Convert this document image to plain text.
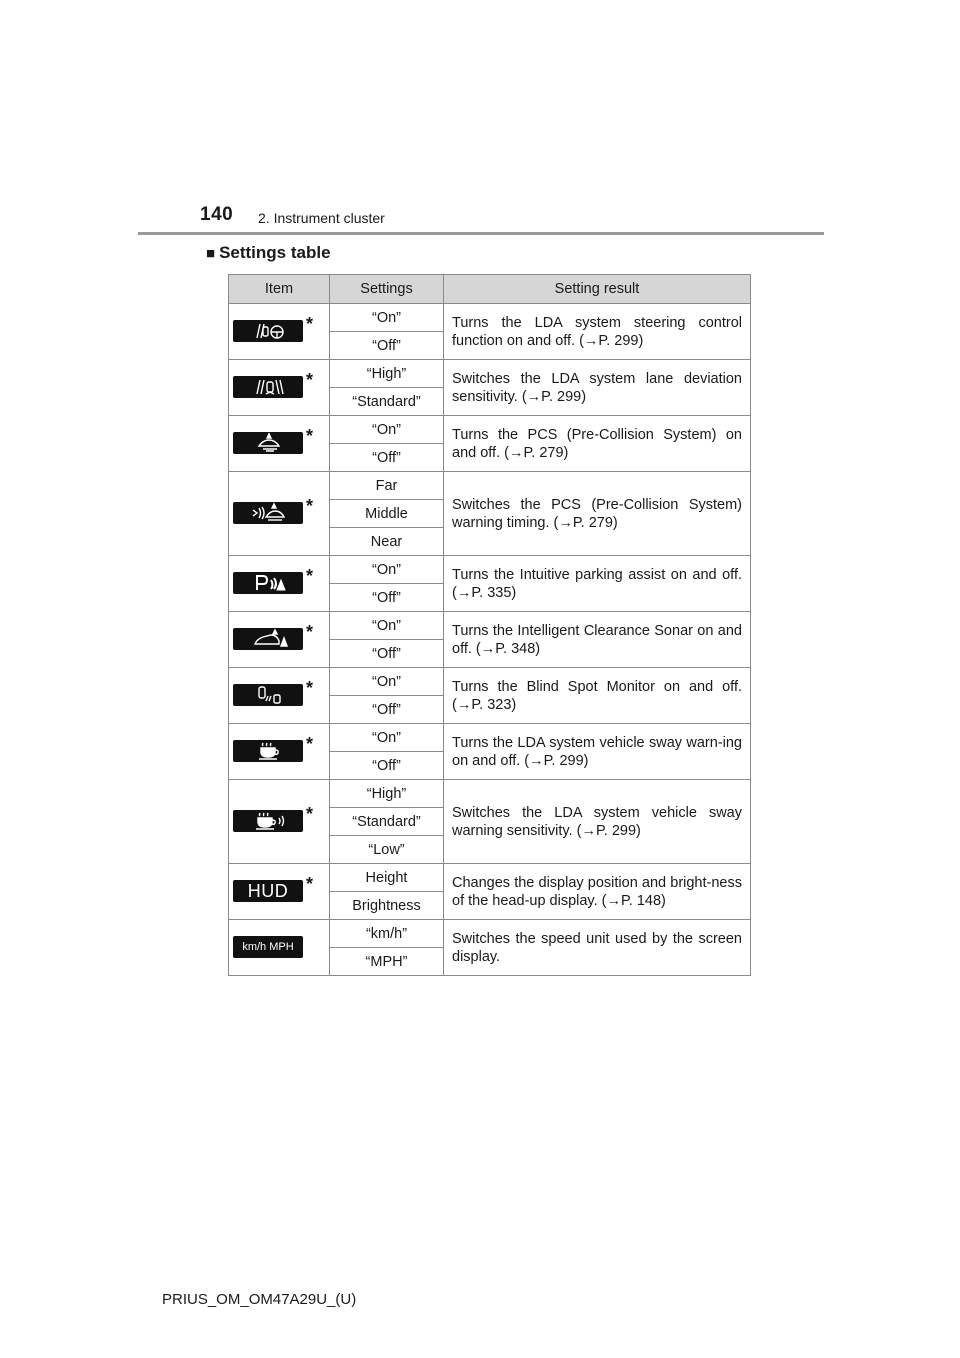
140 2. Instrument cluster
■ Settings table
Item	Settings	Setting result

*	“On”	Turns the LDA system steering control function on and off. (→P. 299)
	“Off”	

*	“High”	Switches the LDA system lane deviation sensitivity. (→P. 299)
	“Standard”	

*	“On”	Turns the PCS (Pre-Collision System) on and off. (→P. 279)
	“Off”	

*	Far	Switches the PCS (Pre-Collision System) warning timing. (→P. 279)
	Middle	
	Near	

*	“On”	Turns the Intuitive parking assist on and off. (→P. 335)
	“Off”	

*	“On”	Turns the Intelligent Clearance Sonar on and off. (→P. 348)
	“Off”	

*	“On”	Turns the Blind Spot Monitor on and off. (→P. 323)
	“Off”	

*	“On”	Turns the LDA system vehicle sway warn-ing on and off. (→P. 299)
	“Off”	

*	“High”	Switches the LDA system vehicle sway warning sensitivity. (→P. 299)
	“Standard”	
	“Low”	

HUD *	Height	Changes the display position and bright-ness of the head-up display. (→P. 148)
	Brightness	

km/h MPH	“km/h”	Switches the speed unit used by the screen display.
	“MPH”	
PRIUS_OM_OM47A29U_(U)
